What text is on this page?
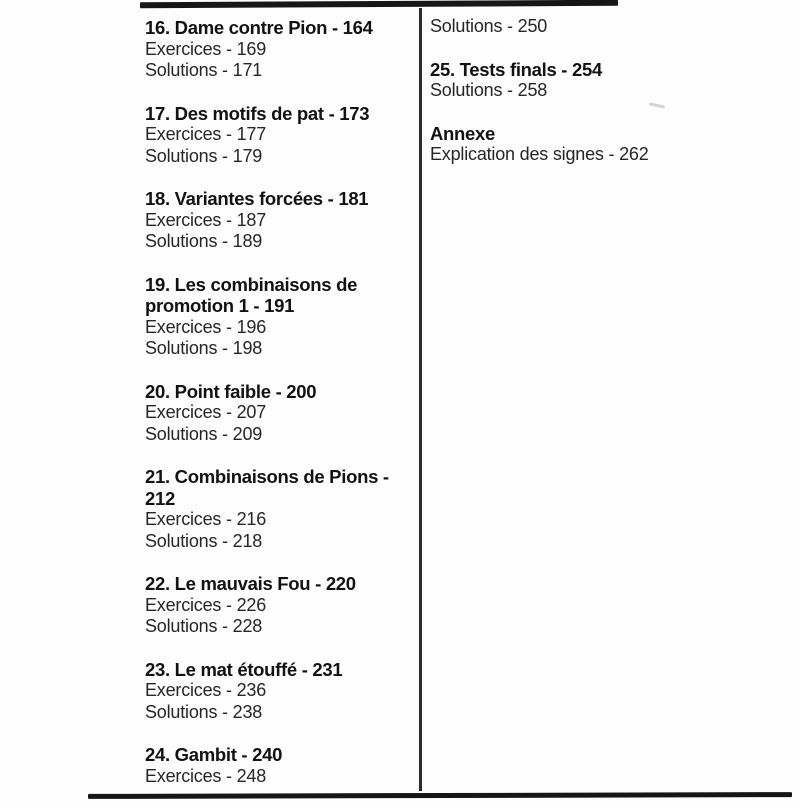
16. Dame contre Pion - 164
Exercices - 169
Solutions - 171
17. Des motifs de pat - 173
Exercices - 177
Solutions - 179
18. Variantes forcées - 181
Exercices - 187
Solutions - 189
19. Les combinaisons de
promotion 1 - 191
Exercices - 196
Solutions - 198
20. Point faible - 200
Exercices - 207
Solutions - 209
21. Combinaisons de Pions -
212
Exercices - 216
Solutions - 218
22. Le mauvais Fou - 220
Exercices - 226
Solutions - 228
23. Le mat étouffé - 231
Exercices - 236
Solutions - 238
24. Gambit - 240
Exercices - 248
Solutions - 250
25. Tests finals - 254
Solutions - 258
Annexe
Explication des signes - 262
